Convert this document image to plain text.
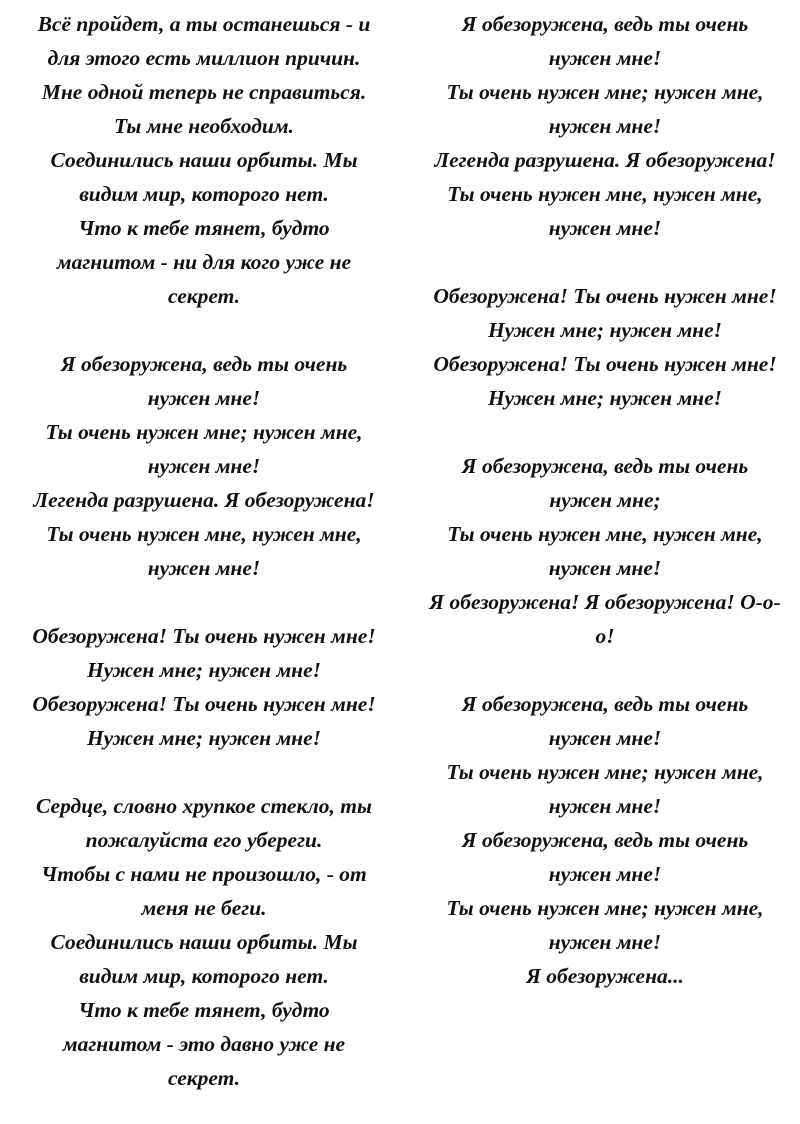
Всё пройдет, а ты останешься - и
для этого есть миллион причин.
Мне одной теперь не справиться.
Ты мне необходим.
Соединились наши орбиты. Мы
видим мир, которого нет.
Что к тебе тянет, будто
магнитом - ни для кого уже не
секрет.
Я обезоружена, ведь ты очень
нужен мне!
Ты очень нужен мне; нужен мне,
нужен мне!
Легенда разрушена. Я обезоружена!
Ты очень нужен мне, нужен мне,
нужен мне!
Обезоружена! Ты очень нужен мне!
Нужен мне; нужен мне!
Обезоружена! Ты очень нужен мне!
Нужен мне; нужен мне!
Сердце, словно хрупкое стекло, ты
пожалуйста его убереги.
Чтобы с нами не произошло, - от
меня не беги.
Соединились наши орбиты. Мы
видим мир, которого нет.
Что к тебе тянет, будто
магнитом - это давно уже не
секрет.
Я обезоружена, ведь ты очень
нужен мне!
Ты очень нужен мне; нужен мне,
нужен мне!
Легенда разрушена. Я обезоружена!
Ты очень нужен мне, нужен мне,
нужен мне!
Обезоружена! Ты очень нужен мне!
Нужен мне; нужен мне!
Обезоружена! Ты очень нужен мне!
Нужен мне; нужен мне!
Я обезоружена, ведь ты очень
нужен мне;
Ты очень нужен мне, нужен мне,
нужен мне!
Я обезоружена! Я обезоружена! О-о-
о!
Я обезоружена, ведь ты очень
нужен мне!
Ты очень нужен мне; нужен мне,
нужен мне!
Я обезоружена, ведь ты очень
нужен мне!
Ты очень нужен мне; нужен мне,
нужен мне!
Я обезоружена...
